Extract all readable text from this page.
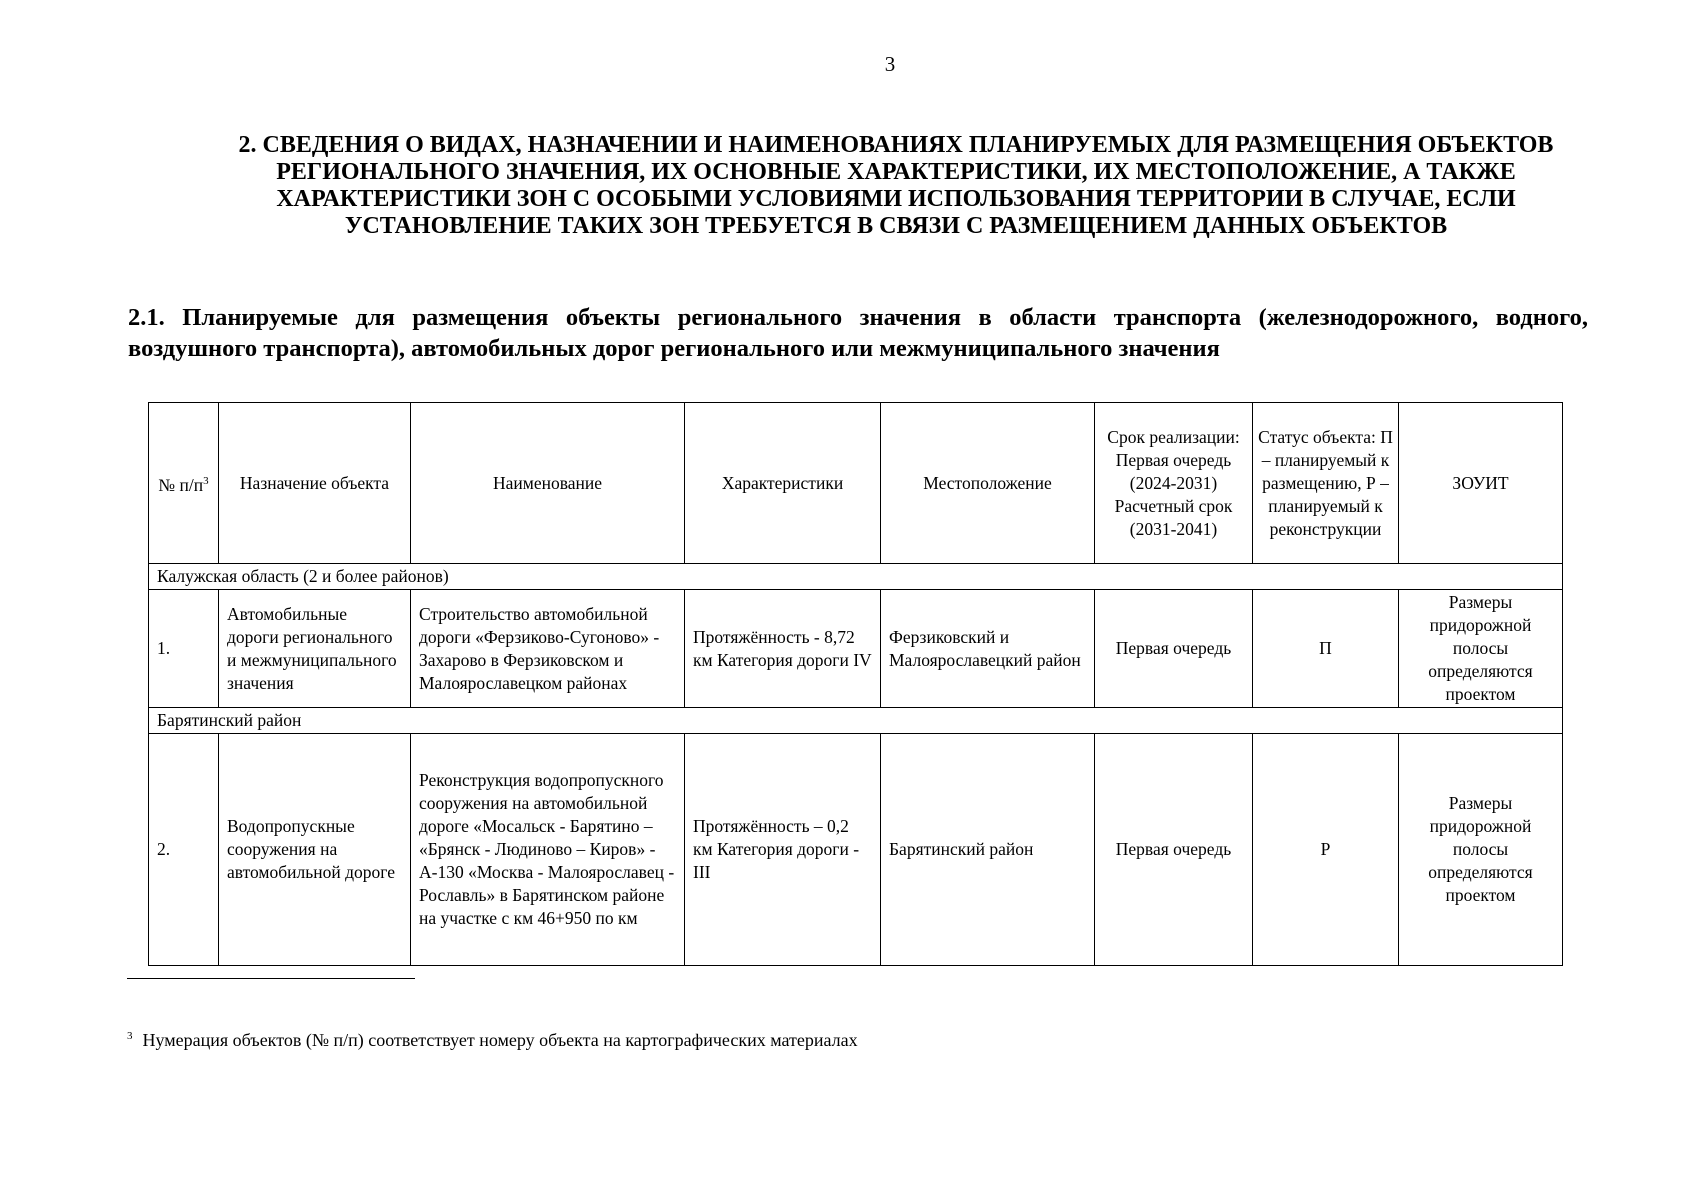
3
2. СВЕДЕНИЯ О ВИДАХ, НАЗНАЧЕНИИ И НАИМЕНОВАНИЯХ ПЛАНИРУЕМЫХ ДЛЯ РАЗМЕЩЕНИЯ ОБЪЕКТОВ РЕГИОНАЛЬНОГО ЗНАЧЕНИЯ, ИХ ОСНОВНЫЕ ХАРАКТЕРИСТИКИ, ИХ МЕСТОПОЛОЖЕНИЕ, А ТАКЖЕ ХАРАКТЕРИСТИКИ ЗОН С ОСОБЫМИ УСЛОВИЯМИ ИСПОЛЬЗОВАНИЯ ТЕРРИТОРИИ В СЛУЧАЕ, ЕСЛИ УСТАНОВЛЕНИЕ ТАКИХ ЗОН ТРЕБУЕТСЯ В СВЯЗИ С РАЗМЕЩЕНИЕМ ДАННЫХ ОБЪЕКТОВ
2.1. Планируемые для размещения объекты регионального значения в области транспорта (железнодорожного, водного, воздушного транспорта), автомобильных дорог регионального или межмуниципального значения
№ $п/п^3$	Назначение объекта	Наименование	Характеристики	Местоположение	Срок реализации: Первая очередь (2024-2031) Расчетный срок (2031-2041)	Статус объекта: П – планируемый к размещению, Р – планируемый к реконструкции	ЗОУИТ
Калужская область (2 и более районов)							
1.	Автомобильные дороги регионального и межмуниципального значения	Строительство автомобильной дороги «Ферзиково-Сугоново» - Захарово в Ферзиковском и Малоярославецком районах	Протяжённость - 8,72 км Категория дороги IV	Ферзиковский и Малоярославецкий район	Первая очередь	П	Размеры придорожной полосы определяются проектом
Барятинский район							
2.	Водопропускные сооружения на автомобильной дороге	Реконструкция водопропускного сооружения на автомобильной дороге «Мосальск - Барятино – «Брянск - Людиново – Киров» - А-130 «Москва - Малоярославец - Рославль» в Барятинском районе на участке с км 46+950 по км	Протяжённость – 0,2 км Категория дороги - III	Барятинский район	Первая очередь	Р	Размеры придорожной полосы определяются проектом
$^3$ Нумерация объектов (№ п/п) соответствует номеру объекта на картографических материалах
